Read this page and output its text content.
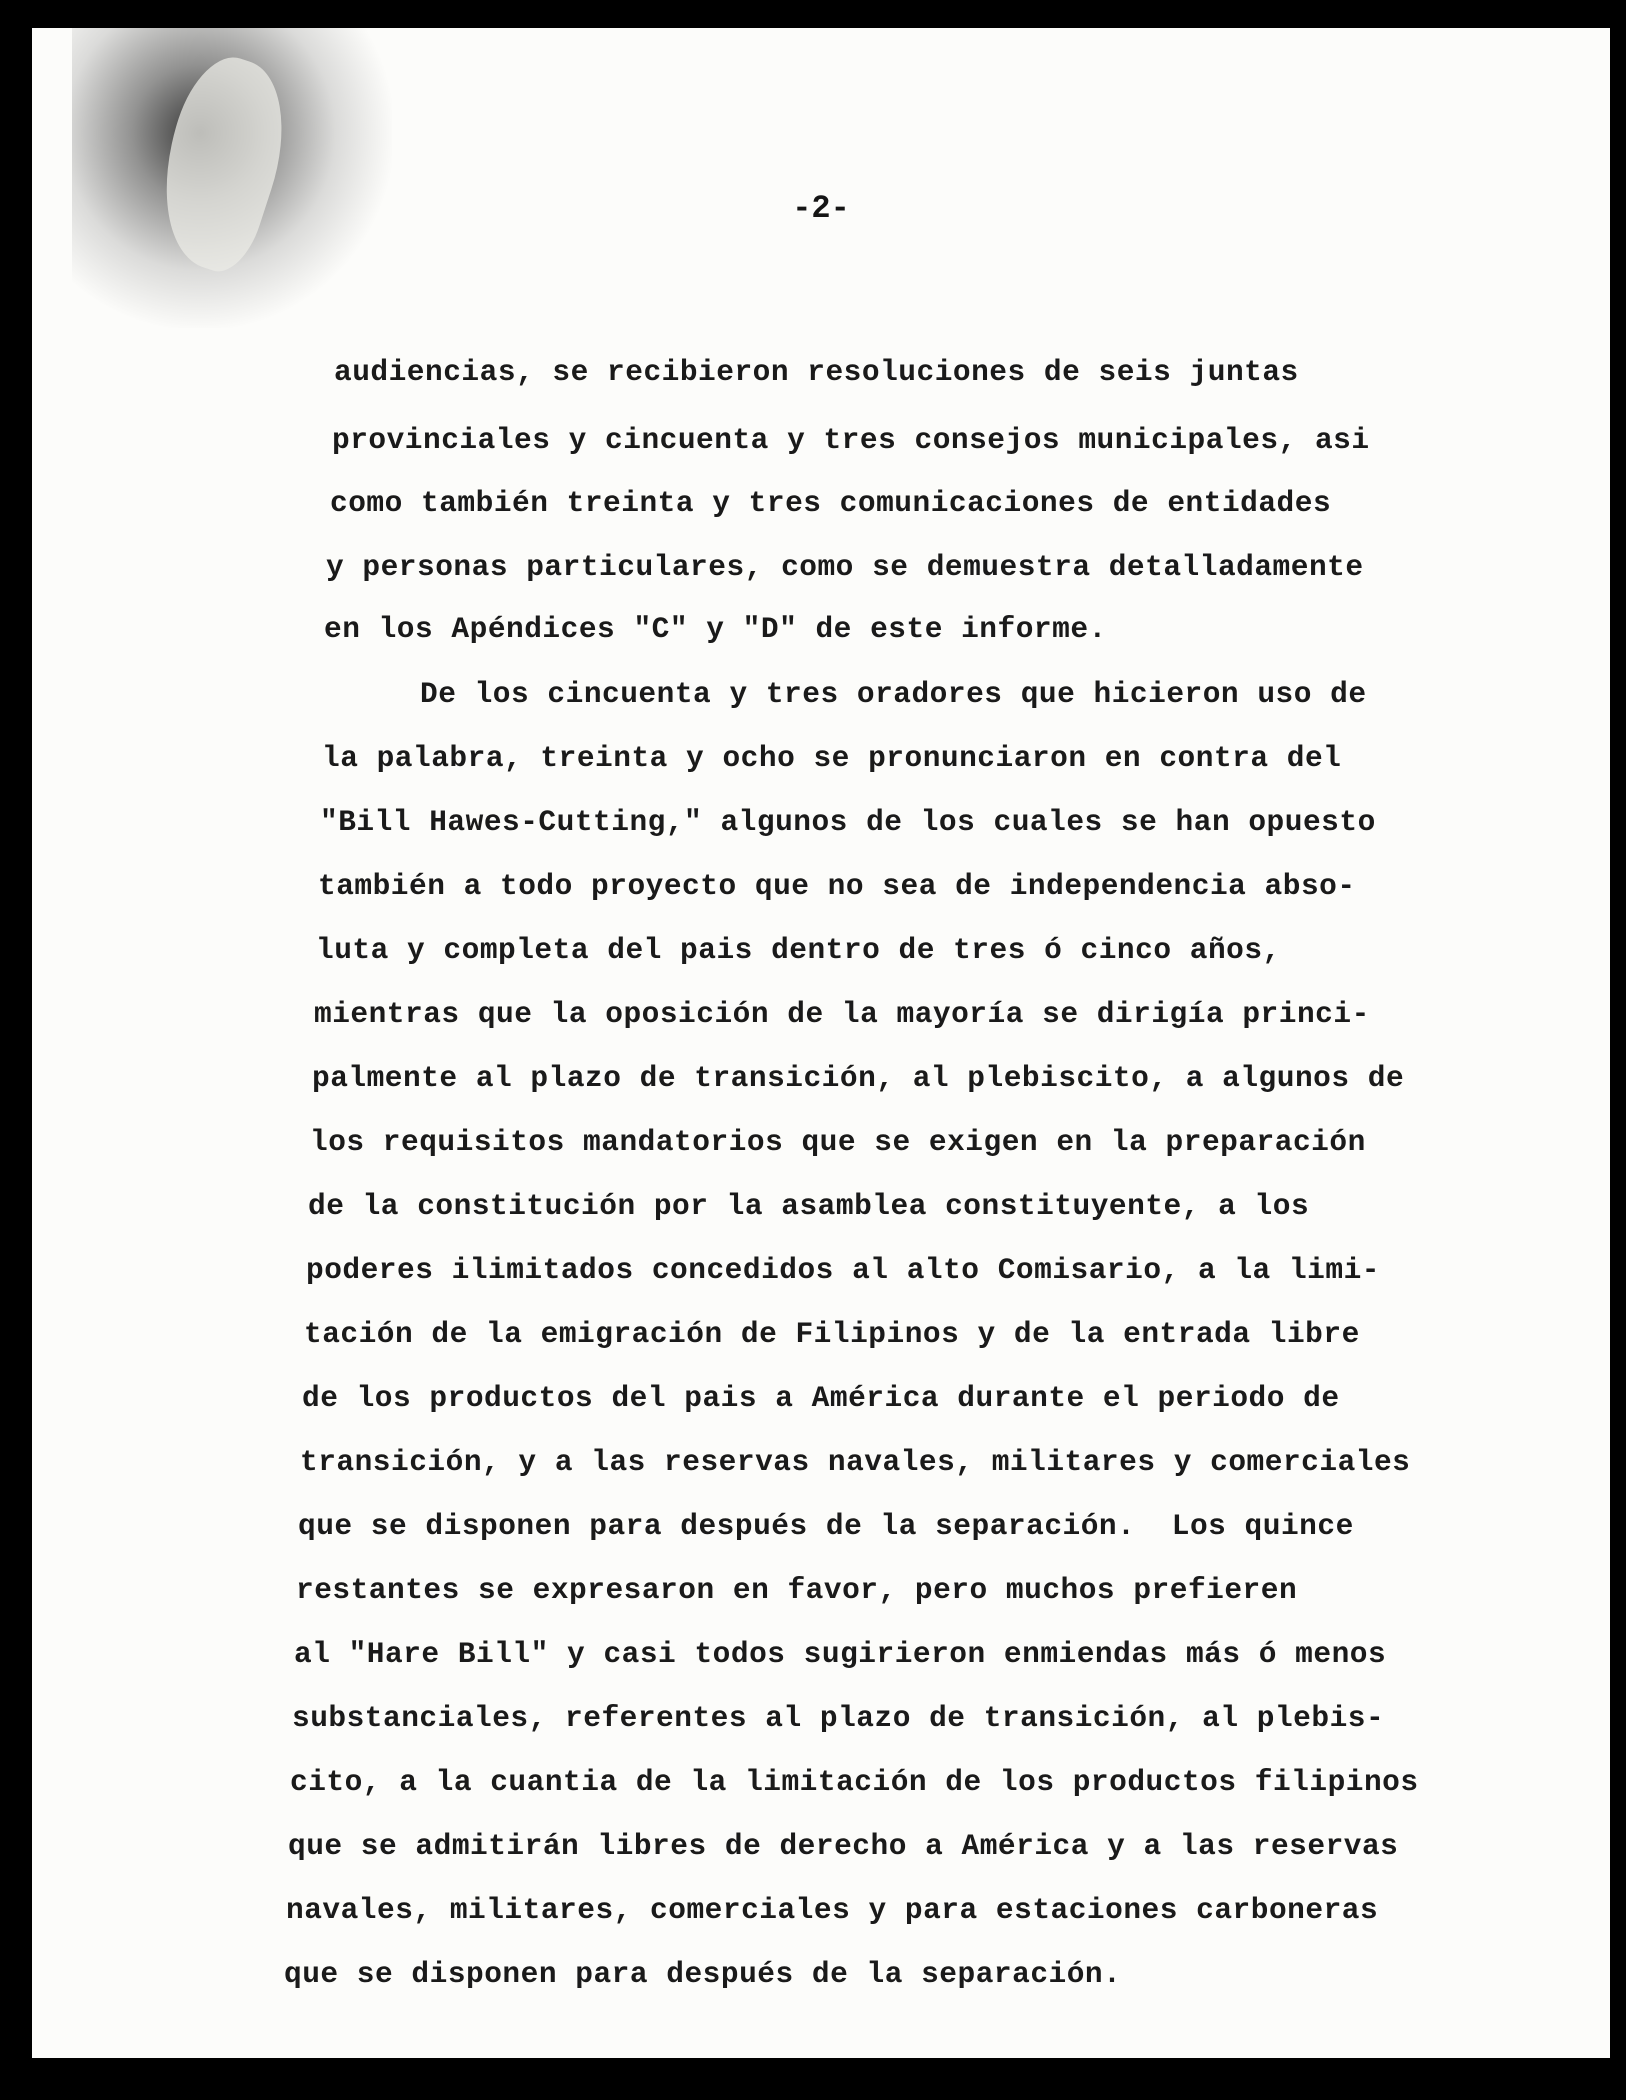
-2-
audiencias, se recibieron resoluciones de seis juntas
provinciales y cincuenta y tres consejos municipales, asi
como también treinta y tres comunicaciones de entidades
y personas particulares, como se demuestra detalladamente
en los Apéndices "C" y "D" de este informe.
De los cincuenta y tres oradores que hicieron uso de
la palabra, treinta y ocho se pronunciaron en contra del
"Bill Hawes-Cutting," algunos de los cuales se han opuesto
también a todo proyecto que no sea de independencia abso-
luta y completa del pais dentro de tres ó cinco años,
mientras que la oposición de la mayoría se dirigía princi-
palmente al plazo de transición, al plebiscito, a algunos de
los requisitos mandatorios que se exigen en la preparación
de la constitución por la asamblea constituyente, a los
poderes ilimitados concedidos al alto Comisario, a la limi-
tación de la emigración de Filipinos y de la entrada libre
de los productos del pais a América durante el periodo de
transición, y a las reservas navales, militares y comerciales
que se disponen para después de la separación.  Los quince
restantes se expresaron en favor, pero muchos prefieren
al "Hare Bill" y casi todos sugirieron enmiendas más ó menos
substanciales, referentes al plazo de transición, al plebis-
cito, a la cuantia de la limitación de los productos filipinos
que se admitirán libres de derecho a América y a las reservas
navales, militares, comerciales y para estaciones carboneras
que se disponen para después de la separación.
